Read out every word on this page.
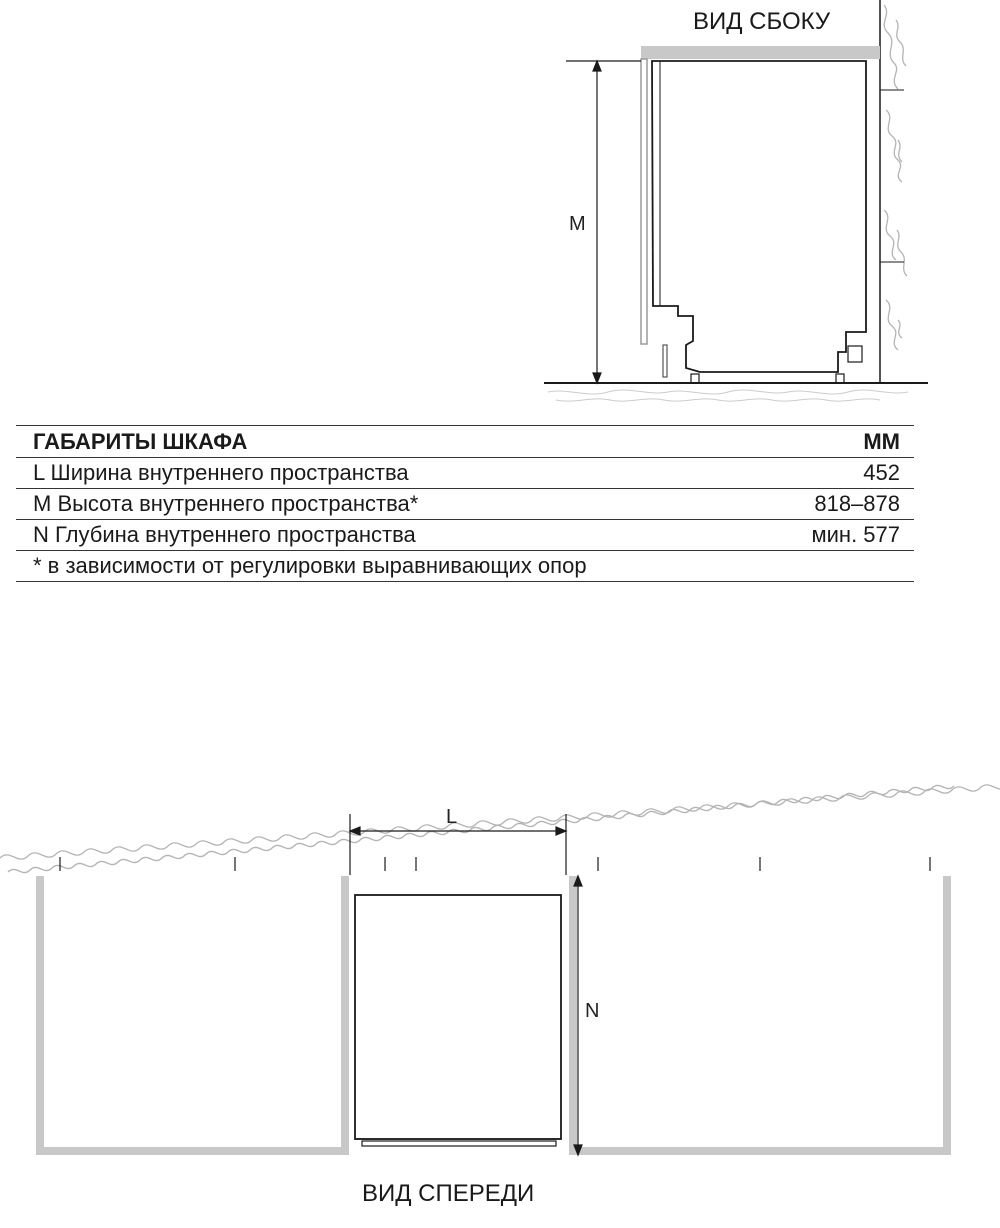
ВИД СБОКУ
M
ГАБАРИТЫ ШКАФА	ММ
L Ширина внутреннего пространства	452
M Высота внутреннего пространства*	818–878
N Глубина внутреннего пространства	мин. 577
* в зависимости от регулировки выравнивающих опор
L
N
ВИД СПЕРЕДИ
